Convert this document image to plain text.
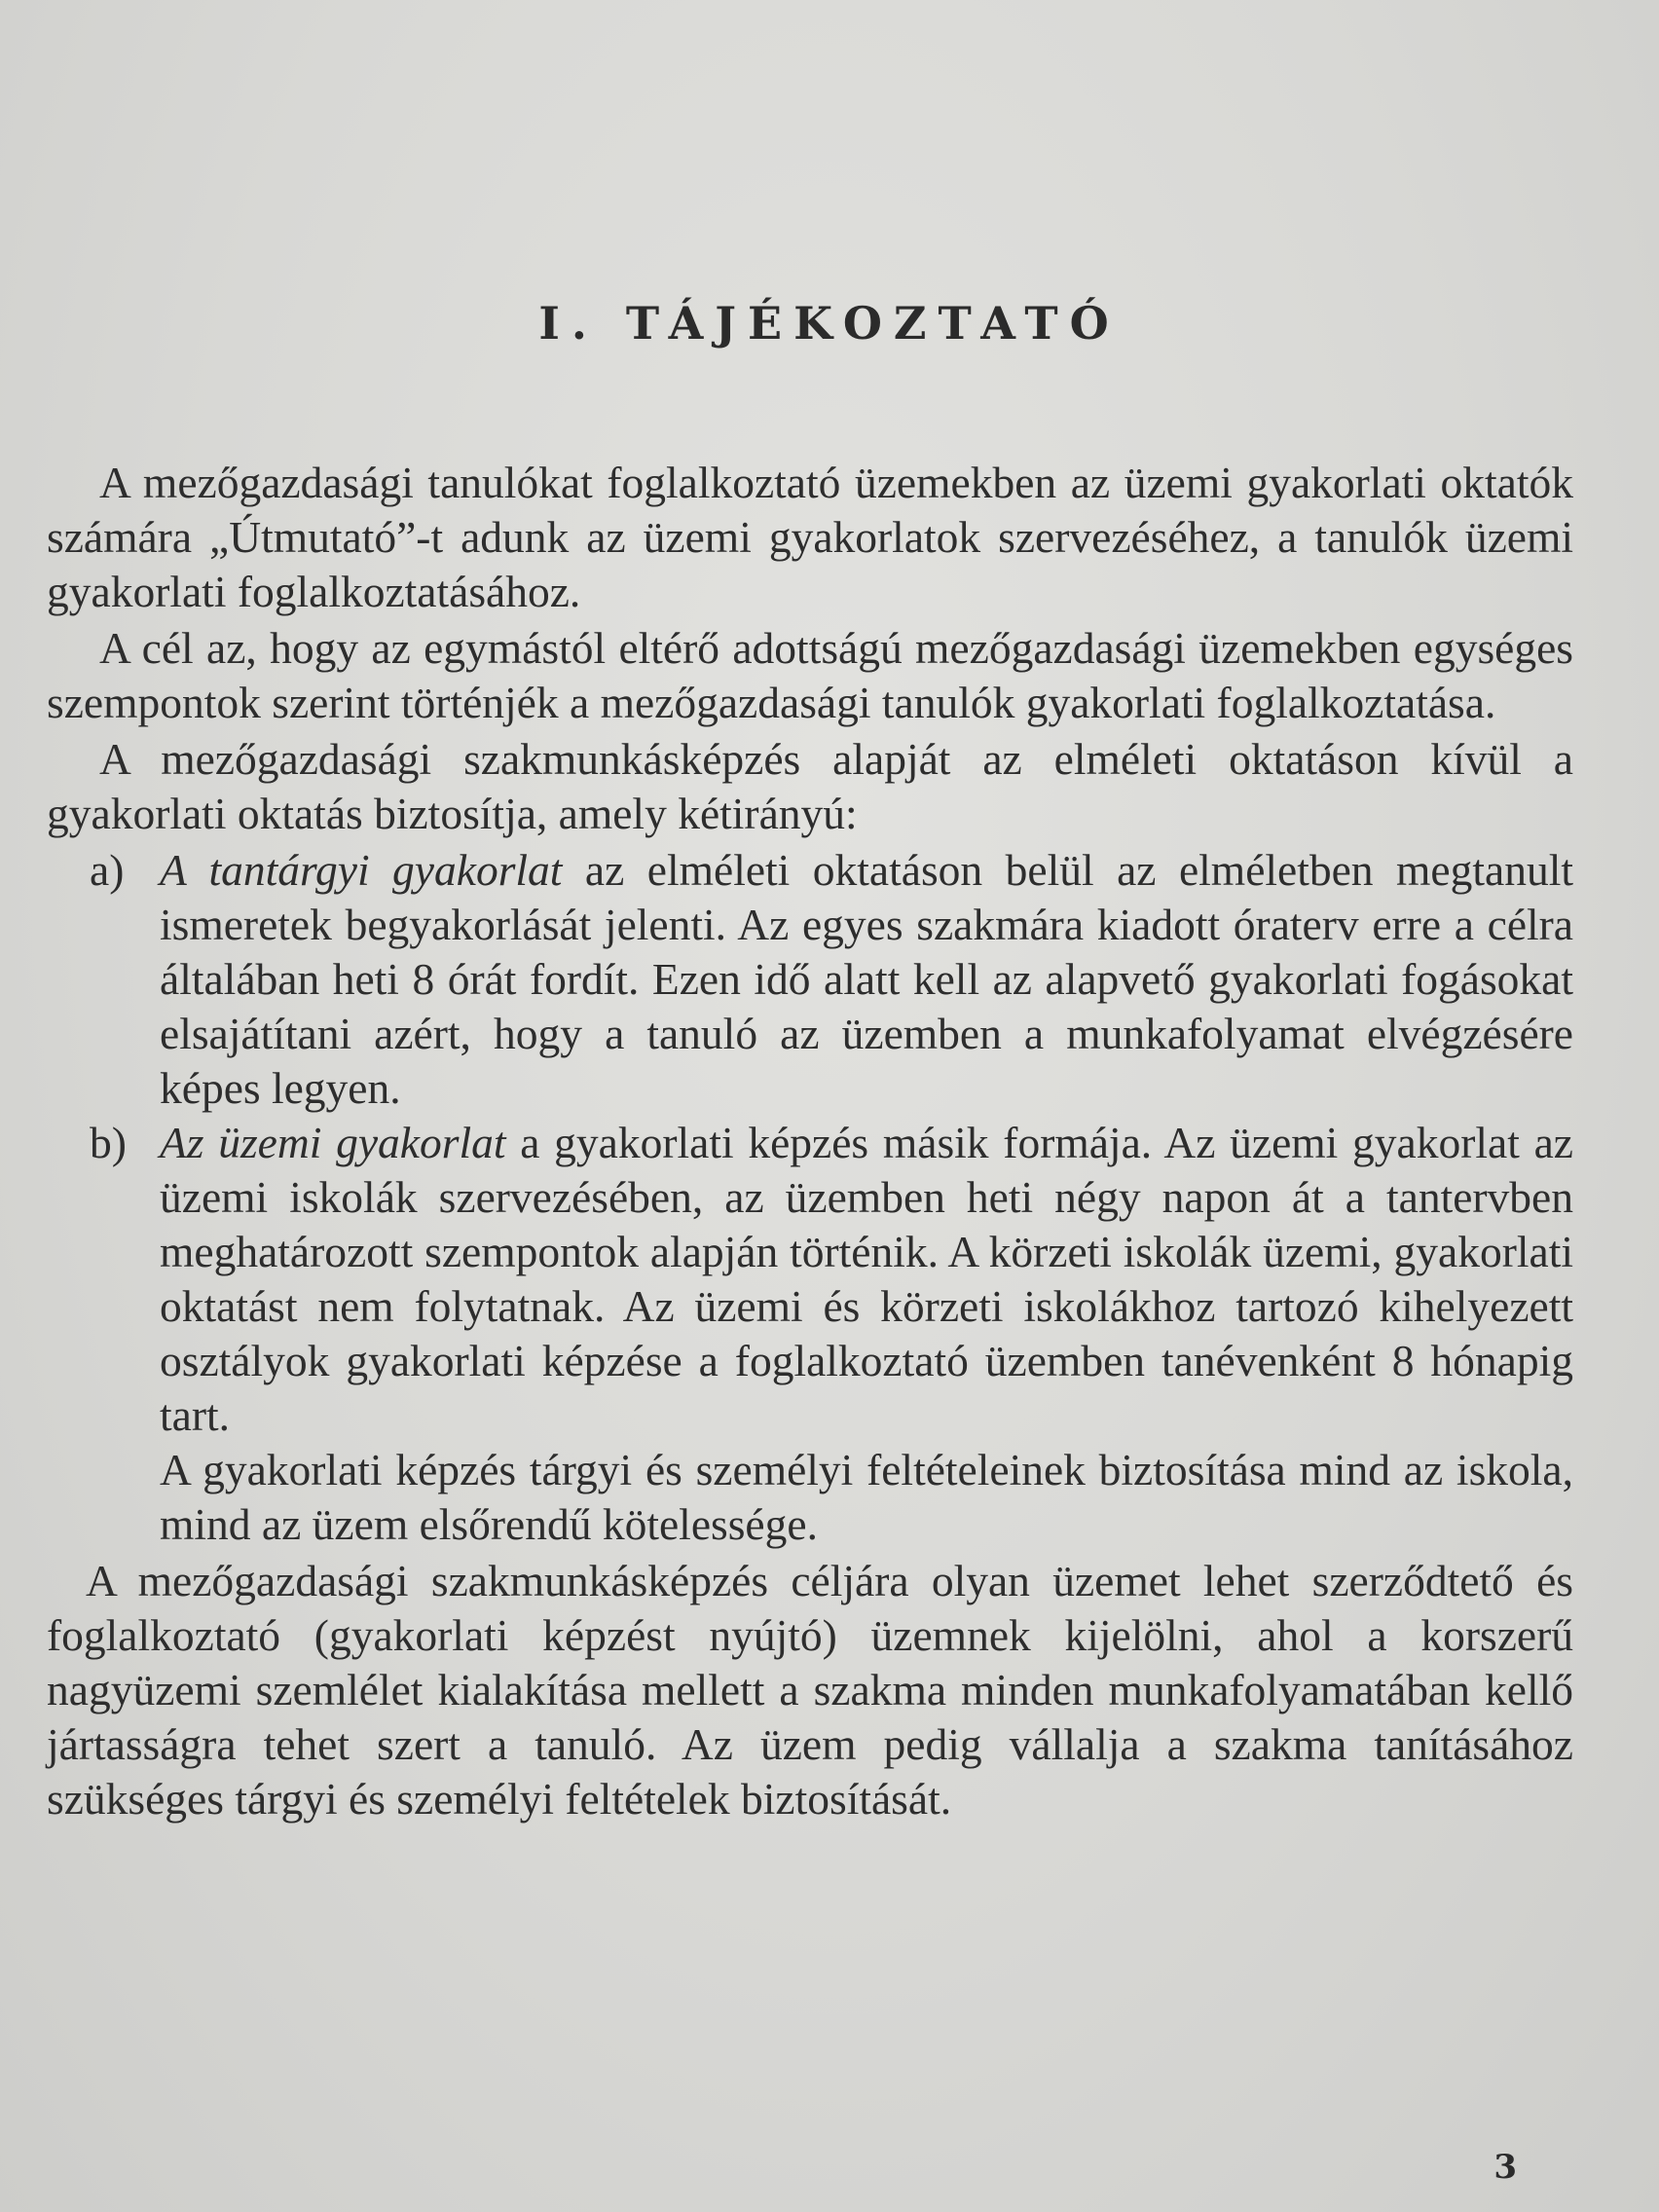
I. TÁJÉKOZTATÓ

A mezőgazdasági tanulókat foglalkoztató üzemekben az üzemi gyakorlati oktatók számára „Útmutató”-t adunk az üzemi gyakorlatok szervezéséhez, a tanulók üzemi gyakorlati foglalkoztatásához.

A cél az, hogy az egymástól eltérő adottságú mezőgazdasági üzemekben egységes szempontok szerint történjék a mezőgazdasági tanulók gyakorlati foglalkoztatása.

A mezőgazdasági szakmunkásképzés alapját az elméleti oktatáson kívül a gyakorlati oktatás biztosítja, amely kétirányú:

a) A tantárgyi gyakorlat az elméleti oktatáson belül az elméletben megtanult ismeretek begyakorlását jelenti. Az egyes szakmára kiadott óraterv erre a célra általában heti 8 órát fordít. Ezen idő alatt kell az alapvető gyakorlati fogásokat elsajátítani azért, hogy a tanuló az üzemben a munkafolyamat elvégzésére képes legyen.
b) Az üzemi gyakorlat a gyakorlati képzés másik formája. Az üzemi gyakorlat az üzemi iskolák szervezésében, az üzemben heti négy napon át a tantervben meghatározott szempontok alapján történik. A körzeti iskolák üzemi, gyakorlati oktatást nem folytatnak. Az üzemi és körzeti iskolákhoz tartozó kihelyezett osztályok gyakorlati képzése a foglalkoztató üzemben tanévenként 8 hónapig tart.

A gyakorlati képzés tárgyi és személyi feltételeinek biztosítása mind az iskola, mind az üzem elsőrendű kötelessége.

A mezőgazdasági szakmunkásképzés céljára olyan üzemet lehet szerződtető és foglalkoztató (gyakorlati képzést nyújtó) üzemnek kijelölni, ahol a korszerű nagyüzemi szemlélet kialakítása mellett a szakma minden munkafolyamatában kellő jártasságra tehet szert a tanuló. Az üzem pedig vállalja a szakma tanításához szükséges tárgyi és személyi feltételek biztosítását.

3
